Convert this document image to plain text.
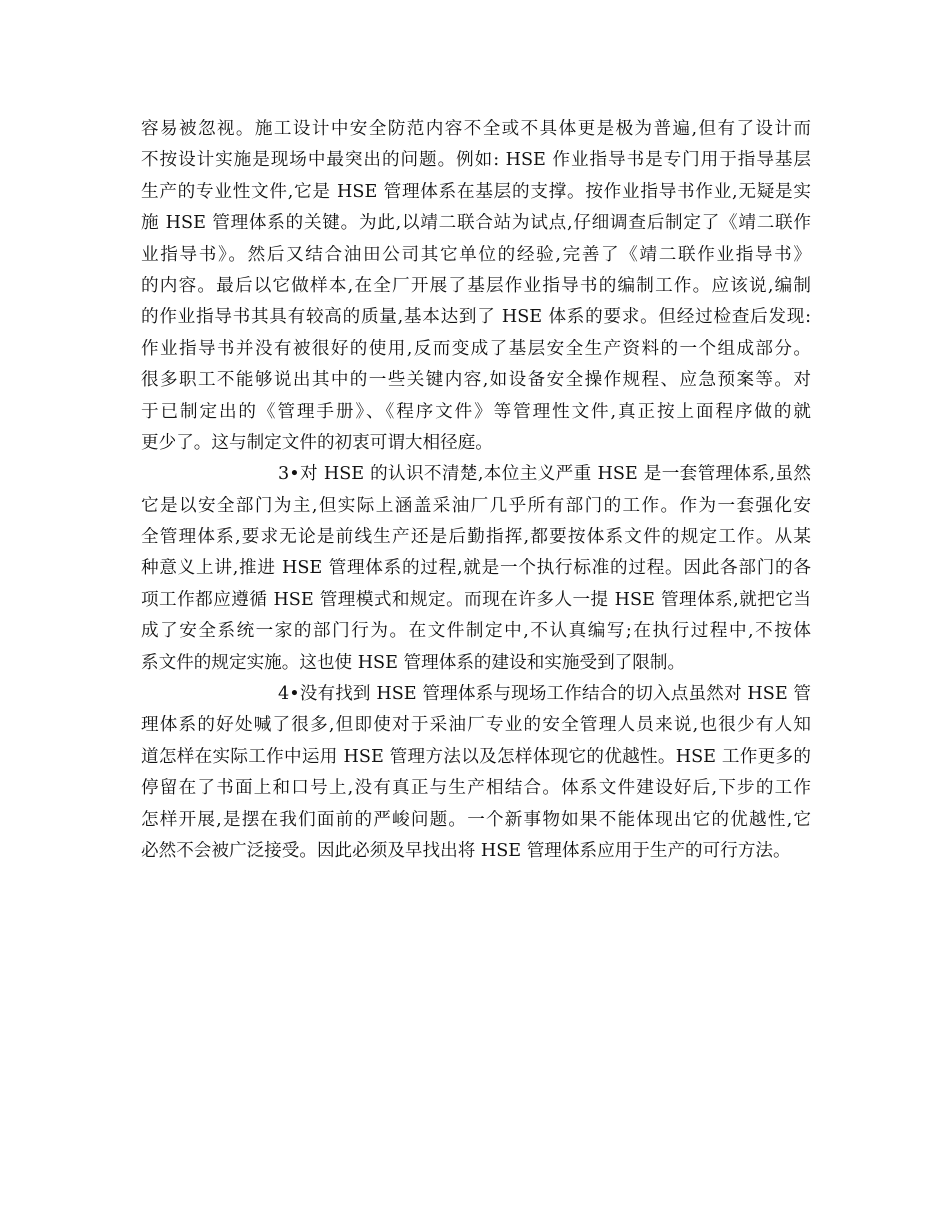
容易被忽视。施工设计中安全防范内容不全或不具体更是极为普遍,但有了设计而
不按设计实施是现场中最突出的问题。例如: HSE 作业指导书是专门用于指导基层
生产的专业性文件,它是 HSE 管理体系在基层的支撑。按作业指导书作业,无疑是实
施 HSE 管理体系的关键。为此,以靖二联合站为试点,仔细调查后制定了《靖二联作
业指导书》。然后又结合油田公司其它单位的经验,完善了《靖二联作业指导书》
的内容。最后以它做样本,在全厂开展了基层作业指导书的编制工作。应该说,编制
的作业指导书其具有较高的质量,基本达到了 HSE 体系的要求。但经过检查后发现:
作业指导书并没有被很好的使用,反而变成了基层安全生产资料的一个组成部分。
很多职工不能够说出其中的一些关键内容,如设备安全操作规程、应急预案等。对
于已制定出的《管理手册》、《程序文件》等管理性文件,真正按上面程序做的就
更少了。这与制定文件的初衷可谓大相径庭。
3•对 HSE 的认识不清楚,本位主义严重 HSE 是一套管理体系,虽然
它是以安全部门为主,但实际上涵盖采油厂几乎所有部门的工作。作为一套强化安
全管理体系,要求无论是前线生产还是后勤指挥,都要按体系文件的规定工作。从某
种意义上讲,推进 HSE 管理体系的过程,就是一个执行标准的过程。因此各部门的各
项工作都应遵循 HSE 管理模式和规定。而现在许多人一提 HSE 管理体系,就把它当
成了安全系统一家的部门行为。在文件制定中,不认真编写;在执行过程中,不按体
系文件的规定实施。这也使 HSE 管理体系的建设和实施受到了限制。
4•没有找到 HSE 管理体系与现场工作结合的切入点虽然对 HSE 管
理体系的好处喊了很多,但即使对于采油厂专业的安全管理人员来说,也很少有人知
道怎样在实际工作中运用 HSE 管理方法以及怎样体现它的优越性。HSE 工作更多的
停留在了书面上和口号上,没有真正与生产相结合。体系文件建设好后,下步的工作
怎样开展,是摆在我们面前的严峻问题。一个新事物如果不能体现出它的优越性,它
必然不会被广泛接受。因此必须及早找出将 HSE 管理体系应用于生产的可行方法。
